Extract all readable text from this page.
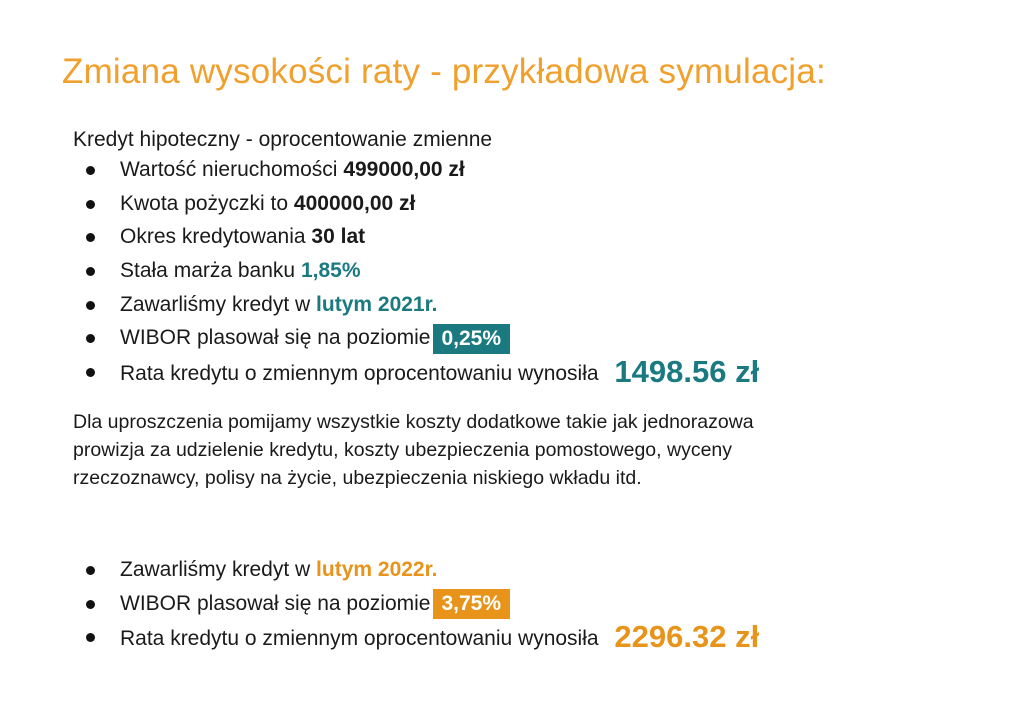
Zmiana wysokości raty - przykładowa symulacja:
Kredyt hipoteczny - oprocentowanie zmienne
Wartość nieruchomości 499000,00 zł
Kwota pożyczki to 400000,00 zł
Okres kredytowania 30 lat
Stała marża banku 1,85%
Zawarliśmy kredyt w lutym 2021r.
WIBOR plasował się na poziomie 0,25%
Rata kredytu o zmiennym oprocentowaniu wynosiła 1498.56 zł

Dla uproszczenia pomijamy wszystkie koszty dodatkowe takie jak jednorazowa

prowizja za udzielenie kredytu, koszty ubezpieczenia pomostowego, wyceny

rzeczoznawcy, polisy na życie, ubezpieczenia niskiego wkładu itd.

Zawarliśmy kredyt w lutym 2022r.
WIBOR plasował się na poziomie 3,75%
Rata kredytu o zmiennym oprocentowaniu wynosiła 2296.32 zł
